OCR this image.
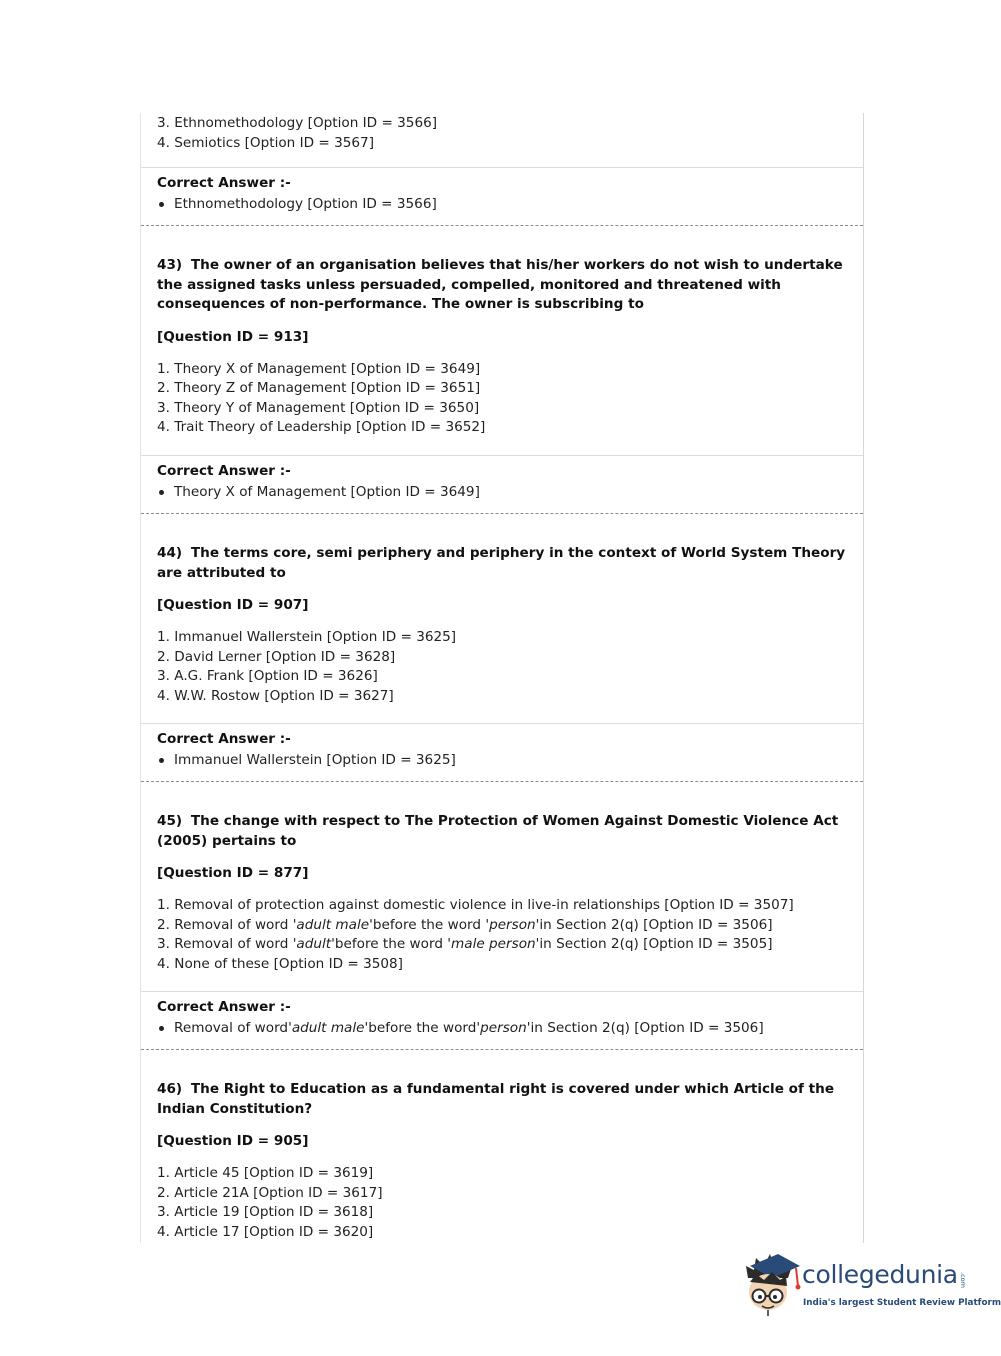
3. Ethnomethodology [Option ID = 3566]
4. Semiotics [Option ID = 3567]
Correct Answer :-
Ethnomethodology [Option ID = 3566]
43) The owner of an organisation believes that his/her workers do not wish to undertake the assigned tasks unless persuaded, compelled, monitored and threatened with consequences of non-performance. The owner is subscribing to
[Question ID = 913]
1. Theory X of Management [Option ID = 3649]
2. Theory Z of Management [Option ID = 3651]
3. Theory Y of Management [Option ID = 3650]
4. Trait Theory of Leadership [Option ID = 3652]
Correct Answer :-
Theory X of Management [Option ID = 3649]
44) The terms core, semi periphery and periphery in the context of World System Theory are attributed to
[Question ID = 907]
1. Immanuel Wallerstein [Option ID = 3625]
2. David Lerner [Option ID = 3628]
3. A.G. Frank [Option ID = 3626]
4. W.W. Rostow [Option ID = 3627]
Correct Answer :-
Immanuel Wallerstein [Option ID = 3625]
45) The change with respect to The Protection of Women Against Domestic Violence Act (2005) pertains to
[Question ID = 877]
1. Removal of protection against domestic violence in live-in relationships [Option ID = 3507]
2. Removal of word 'adult male'before the word 'person'in Section 2(q) [Option ID = 3506]
3. Removal of word 'adult'before the word 'male person'in Section 2(q) [Option ID = 3505]
4. None of these [Option ID = 3508]
Correct Answer :-
Removal of word 'adult male' before the word 'person' in Section 2(q) [Option ID = 3506]
46) The Right to Education as a fundamental right is covered under which Article of the Indian Constitution?
[Question ID = 905]
1. Article 45 [Option ID = 3619]
2. Article 21A [Option ID = 3617]
3. Article 19 [Option ID = 3618]
4. Article 17 [Option ID = 3620]
collegedunia .com
India's largest Student Review Platform
